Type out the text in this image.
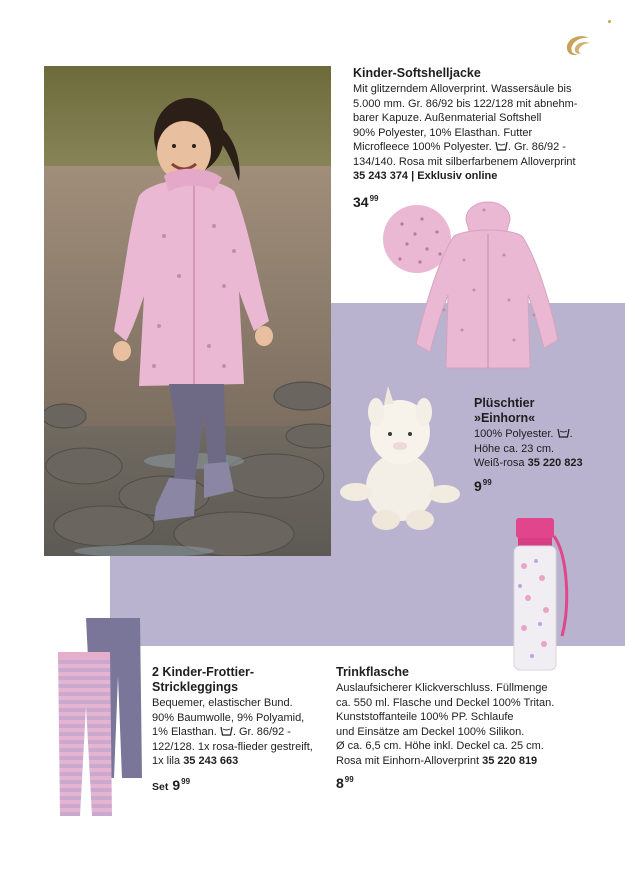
Kinder-Softshelljacke
Mit glitzerndem Alloverprint. Wassersäule bis
5.000 mm. Gr. 86/92 bis 122/128 mit abnehm-
barer Kapuze. Außenmaterial Softshell
90% Polyester, 10% Elasthan. Futter
Microfleece 100% Polyester. . Gr. 86/92 -
134/140. Rosa mit silberfarbenem Alloverprint
35 243 374 | Exklusiv online
$34^{99}$
Plüschtier
»Einhorn«
100% Polyester. .
Höhe ca. 23 cm.
Weiß-rosa 35 220 823
$9^{99}$
2 Kinder-Frottier-
Strickleggings
Bequemer, elastischer Bund.
90% Baumwolle, 9% Polyamid,
1% Elasthan. . Gr. 86/92 -
122/128. 1x rosa-flieder gestreift,
1x lila 35 243 663
Set $9^{99}$
Trinkflasche
Auslaufsicherer Klickverschluss. Füllmenge
ca. 550 ml. Flasche und Deckel 100% Tritan.
Kunststoffanteile 100% PP. Schlaufe
und Einsätze am Deckel 100% Silikon.
Ø ca. 6,5 cm. Höhe inkl. Deckel ca. 25 cm.
Rosa mit Einhorn-Alloverprint 35 220 819
$8^{99}$
